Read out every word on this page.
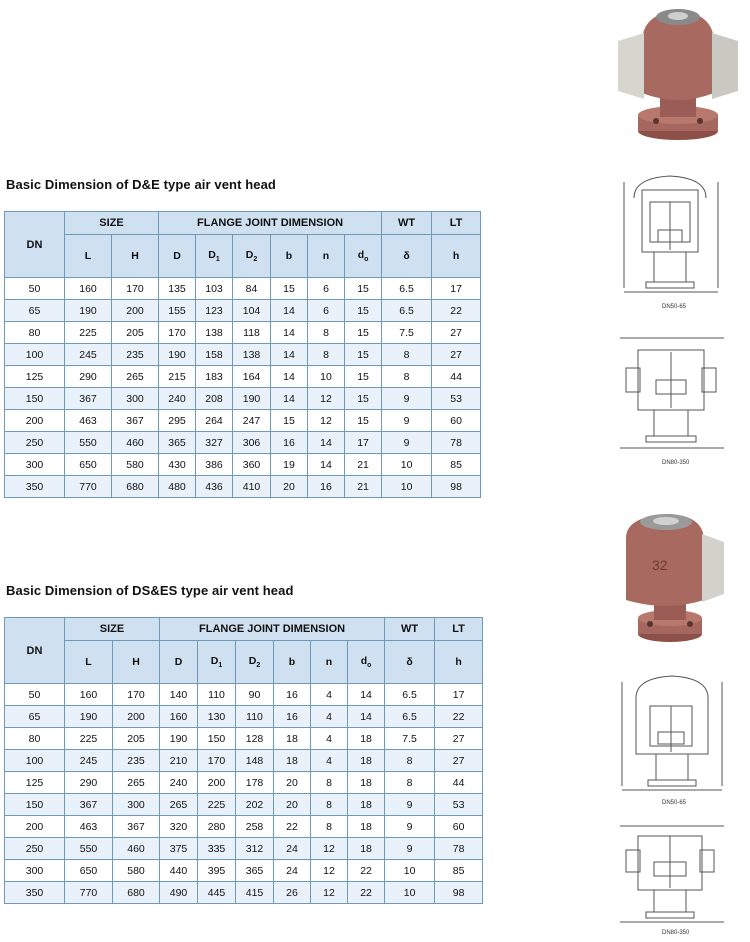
Basic Dimension of D&E type air vent head
DN	SIZE		FLANGE JOINT DIMENSION						WT	LT
	L	H	D	$D_1$	$D_2$	b	n	$d_o$	δ	h
50	160	170	135	103	84	15	6	15	6.5	17
65	190	200	155	123	104	14	6	15	6.5	22
80	225	205	170	138	118	14	8	15	7.5	27
100	245	235	190	158	138	14	8	15	8	27
125	290	265	215	183	164	14	10	15	8	44
150	367	300	240	208	190	14	12	15	9	53
200	463	367	295	264	247	15	12	15	9	60
250	550	460	365	327	306	16	14	17	9	78
300	650	580	430	386	360	19	14	21	10	85
350	770	680	480	436	410	20	16	21	10	98
Basic Dimension of DS&ES type air vent head
DN	SIZE		FLANGE JOINT DIMENSION						WT	LT
	L	H	D	$D_1$	$D_2$	b	n	$d_o$	δ	h
50	160	170	140	110	90	16	4	14	6.5	17
65	190	200	160	130	110	16	4	14	6.5	22
80	225	205	190	150	128	18	4	18	7.5	27
100	245	235	210	170	148	18	4	18	8	27
125	290	265	240	200	178	20	8	18	8	44
150	367	300	265	225	202	20	8	18	9	53
200	463	367	320	280	258	22	8	18	9	60
250	550	460	375	335	312	24	12	18	9	78
300	650	580	440	395	365	24	12	22	10	85
350	770	680	490	445	415	26	12	22	10	98
DN50-65
DN80-350
32
DN50-65
DN80-350
